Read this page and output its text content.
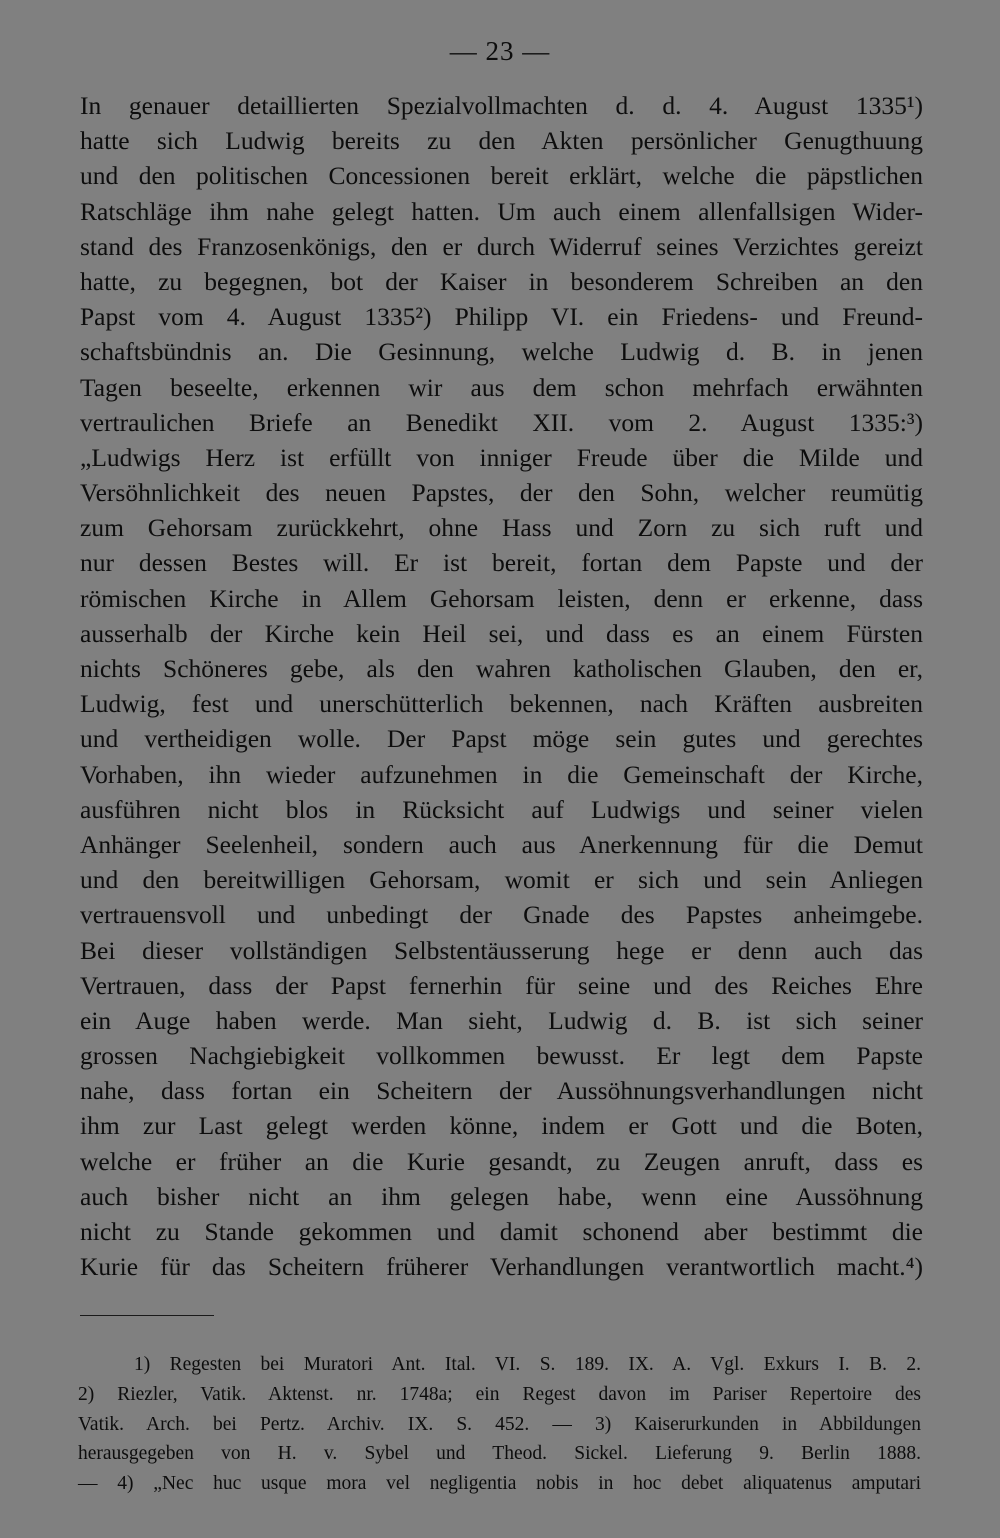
— 23 —
In genauer detaillierten Spezialvollmachten d. d. 4. August 1335¹)
hatte sich Ludwig bereits zu den Akten persönlicher Genugthuung
und den politischen Concessionen bereit erklärt, welche die päpstlichen
Ratschläge ihm nahe gelegt hatten. Um auch einem allenfallsigen Wider-
stand des Franzosenkönigs, den er durch Widerruf seines Verzichtes gereizt
hatte, zu begegnen, bot der Kaiser in besonderem Schreiben an den
Papst vom 4. August 1335²) Philipp VI. ein Friedens- und Freund-
schaftsbündnis an. Die Gesinnung, welche Ludwig d. B. in jenen
Tagen beseelte, erkennen wir aus dem schon mehrfach erwähnten
vertraulichen Briefe an Benedikt XII. vom 2. August 1335:³)
„Ludwigs Herz ist erfüllt von inniger Freude über die Milde und
Versöhnlichkeit des neuen Papstes, der den Sohn, welcher reumütig
zum Gehorsam zurückkehrt, ohne Hass und Zorn zu sich ruft und
nur dessen Bestes will. Er ist bereit, fortan dem Papste und der
römischen Kirche in Allem Gehorsam leisten, denn er erkenne, dass
ausserhalb der Kirche kein Heil sei, und dass es an einem Fürsten
nichts Schöneres gebe, als den wahren katholischen Glauben, den er,
Ludwig, fest und unerschütterlich bekennen, nach Kräften ausbreiten
und vertheidigen wolle. Der Papst möge sein gutes und gerechtes
Vorhaben, ihn wieder aufzunehmen in die Gemeinschaft der Kirche,
ausführen nicht blos in Rücksicht auf Ludwigs und seiner vielen
Anhänger Seelenheil, sondern auch aus Anerkennung für die Demut
und den bereitwilligen Gehorsam, womit er sich und sein Anliegen
vertrauensvoll und unbedingt der Gnade des Papstes anheimgebe.
Bei dieser vollständigen Selbstentäusserung hege er denn auch das
Vertrauen, dass der Papst fernerhin für seine und des Reiches Ehre
ein Auge haben werde. Man sieht, Ludwig d. B. ist sich seiner
grossen Nachgiebigkeit vollkommen bewusst. Er legt dem Papste
nahe, dass fortan ein Scheitern der Aussöhnungsverhandlungen nicht
ihm zur Last gelegt werden könne, indem er Gott und die Boten,
welche er früher an die Kurie gesandt, zu Zeugen anruft, dass es
auch bisher nicht an ihm gelegen habe, wenn eine Aussöhnung
nicht zu Stande gekommen und damit schonend aber bestimmt die
Kurie für das Scheitern früherer Verhandlungen verantwortlich macht.⁴)
1) Regesten bei Muratori Ant. Ital. VI. S. 189. IX. A. Vgl. Exkurs I. B. 2.
2) Riezler, Vatik. Aktenst. nr. 1748a; ein Regest davon im Pariser Repertoire des
Vatik. Arch. bei Pertz. Archiv. IX. S. 452. — 3) Kaiserurkunden in Abbildungen
herausgegeben von H. v. Sybel und Theod. Sickel. Lieferung 9. Berlin 1888.
— 4) „Nec huc usque mora vel negligentia nobis in hoc debet aliquatenus amputari
